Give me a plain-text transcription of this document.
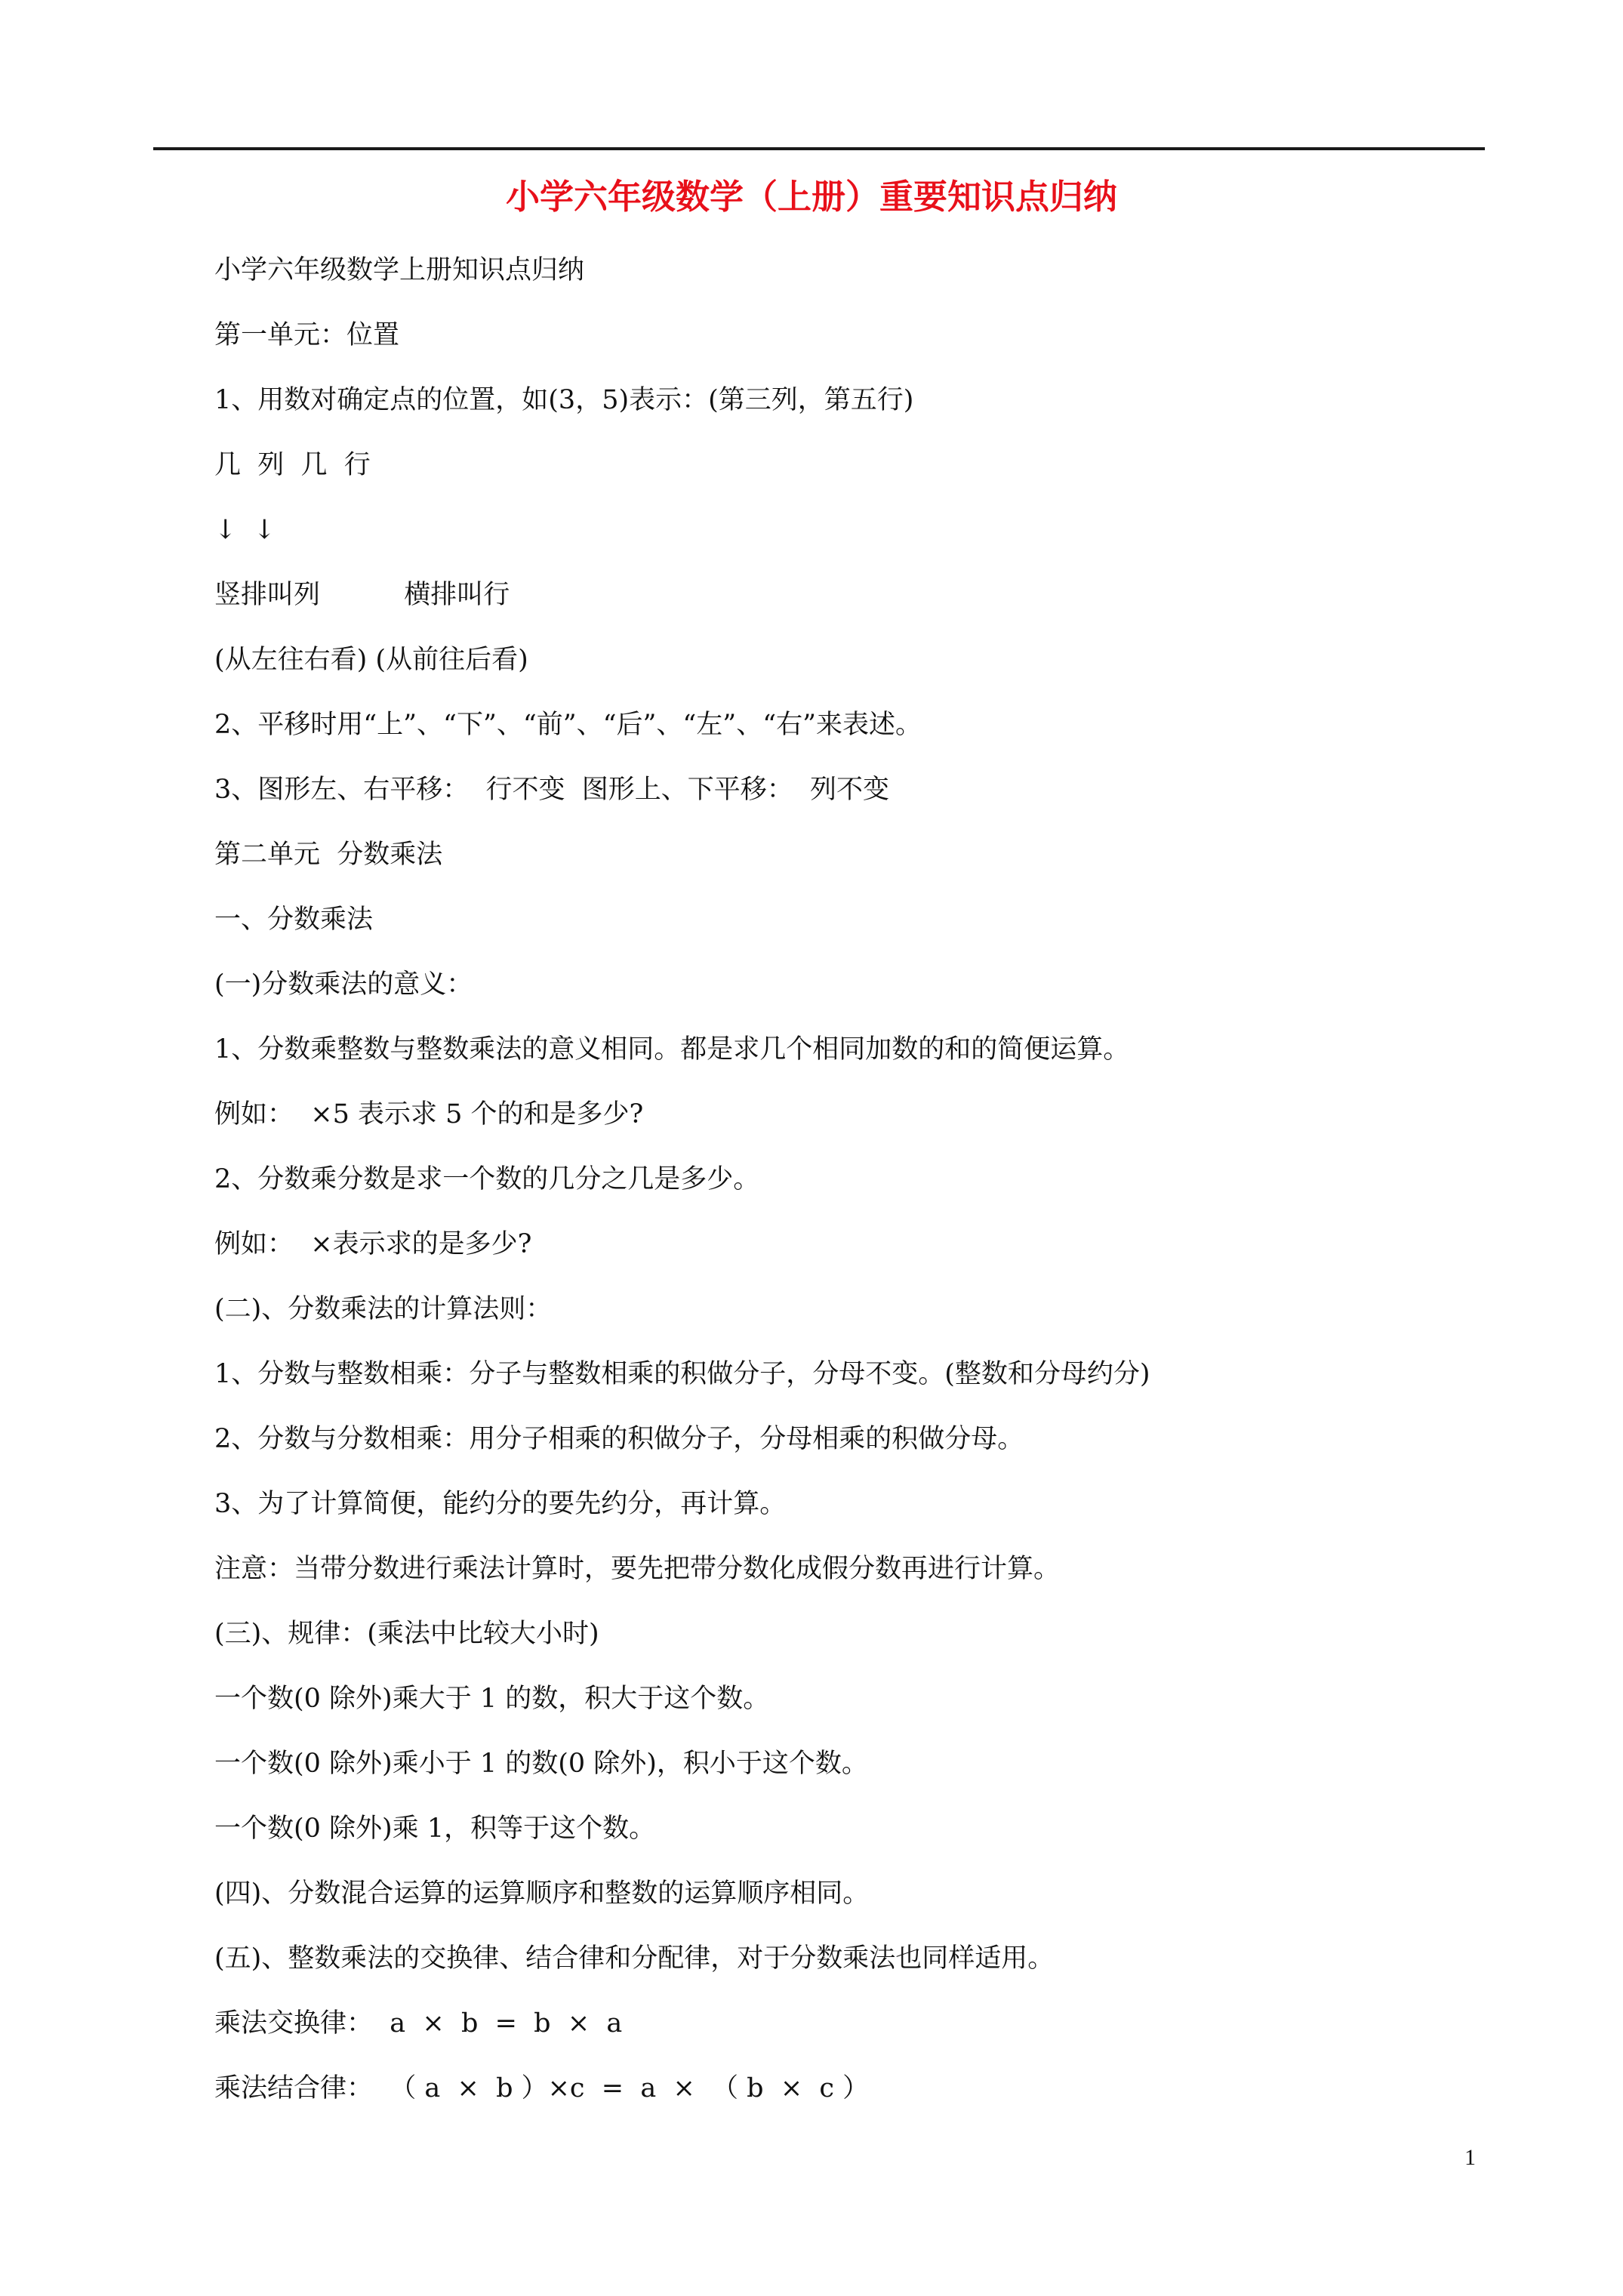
小学六年级数学（上册）重要知识点归纳
小学六年级数学上册知识点归纳
第一单元：位置
1、用数对确定点的位置，如(3，5)表示：(第三列，第五行)
几  列  几  行
↓  ↓
竖排叫列          横排叫行
(从左往右看) (从前往后看)
2、平移时用“上”、“下”、“前”、“后”、“左”、“右”来表述。
3、图形左、右平移：  行不变  图形上、下平移：  列不变
第二单元  分数乘法
一、分数乘法
(一)分数乘法的意义：
1、分数乘整数与整数乘法的意义相同。都是求几个相同加数的和的简便运算。
例如：  ×5 表示求 5 个的和是多少?
2、分数乘分数是求一个数的几分之几是多少。
例如：  ×表示求的是多少?
(二)、分数乘法的计算法则：
1、分数与整数相乘：分子与整数相乘的积做分子，分母不变。(整数和分母约分)
2、分数与分数相乘：用分子相乘的积做分子，分母相乘的积做分母。
3、为了计算简便，能约分的要先约分，再计算。
注意：当带分数进行乘法计算时，要先把带分数化成假分数再进行计算。
(三)、规律：(乘法中比较大小时)
一个数(0 除外)乘大于 1 的数，积大于这个数。
一个数(0 除外)乘小于 1 的数(0 除外)，积小于这个数。
一个数(0 除外)乘 1，积等于这个数。
(四)、分数混合运算的运算顺序和整数的运算顺序相同。
(五)、整数乘法的交换律、结合律和分配律，对于分数乘法也同样适用。
乘法交换律：  a  ×  b  =  b  ×  a
乘法结合律：  （ a  ×  b ）×c  =  a  ×  （ b  ×  c ）
1
